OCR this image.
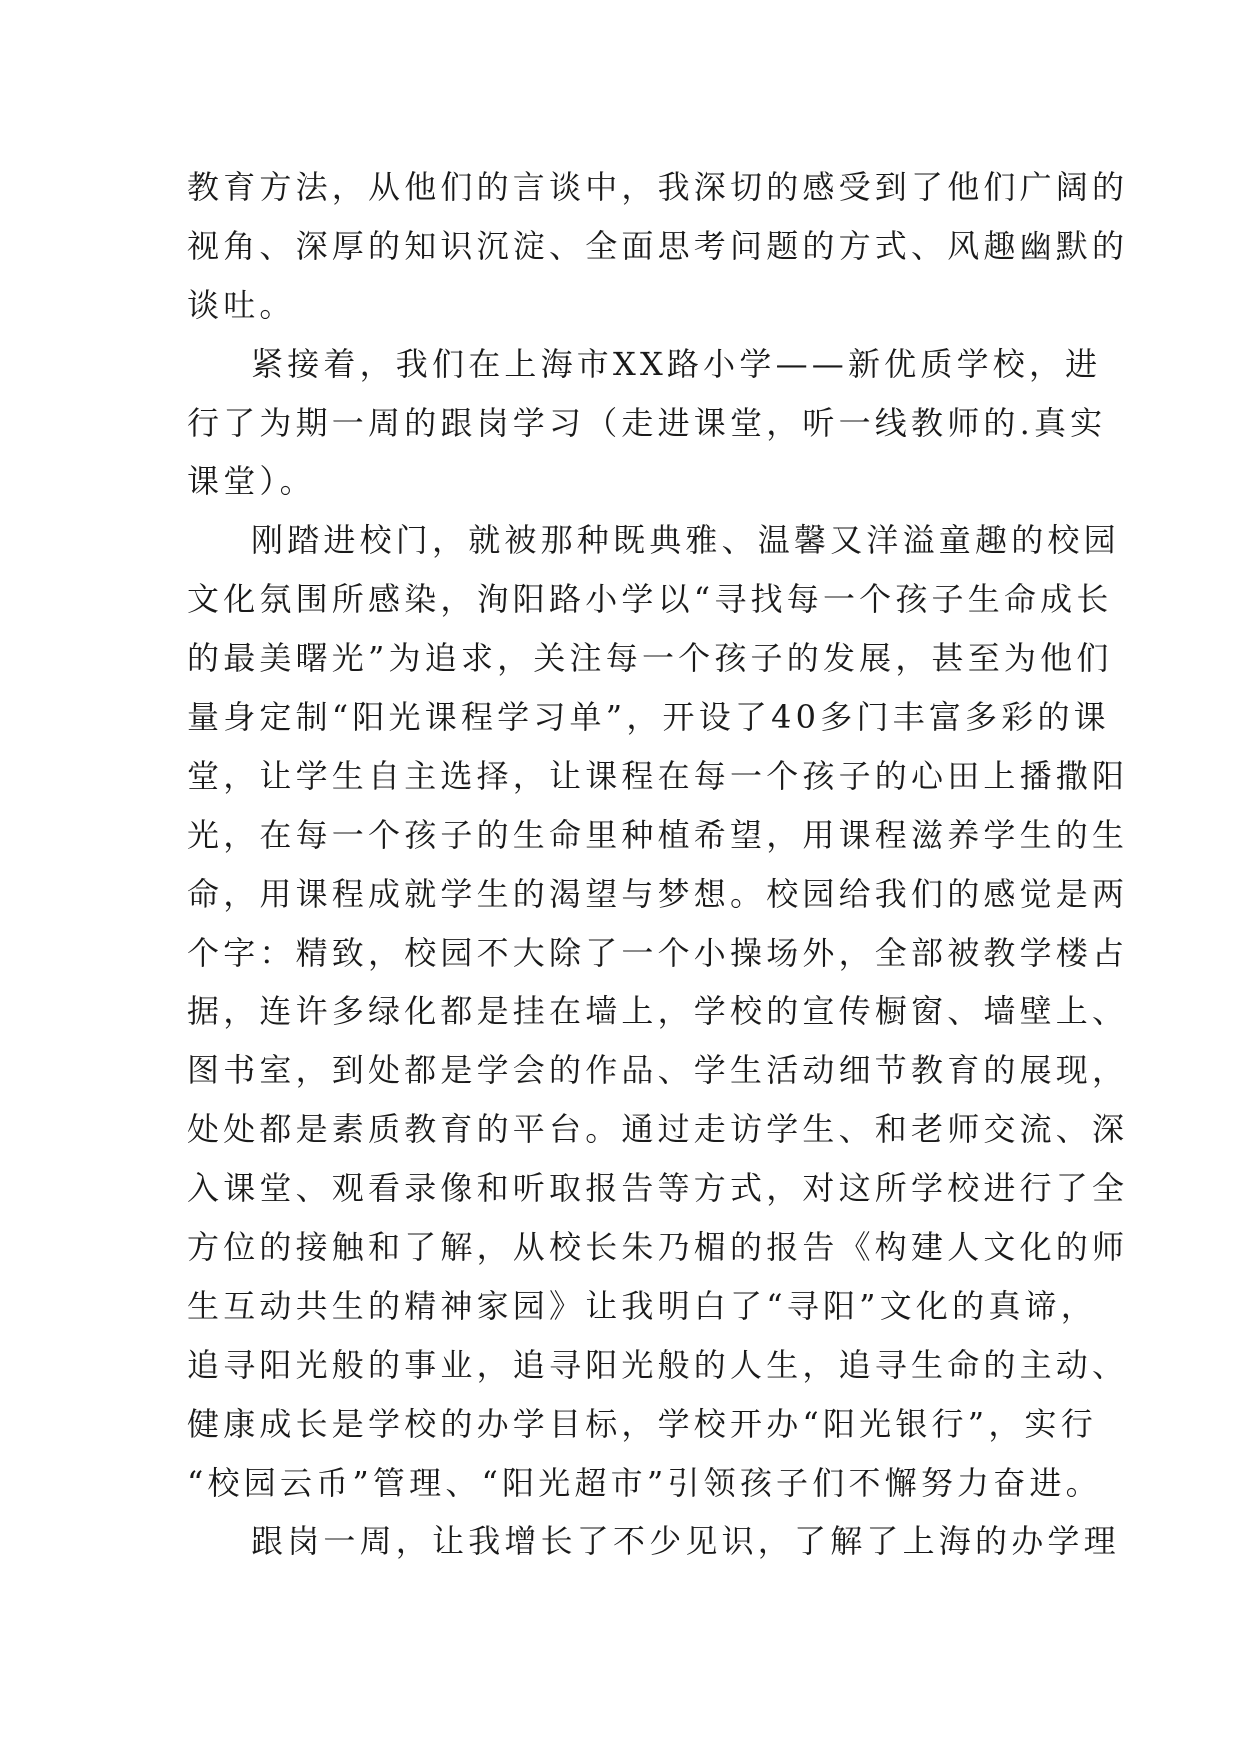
教育方法，从他们的言谈中，我深切的感受到了他们广阔的
视角、深厚的知识沉淀、全面思考问题的方式、风趣幽默的
谈吐。
紧接着，我们在上海市XX路小学——新优质学校，进
行了为期一周的跟岗学习（走进课堂，听一线教师的.真实
课堂）。
刚踏进校门，就被那种既典雅、温馨又洋溢童趣的校园
文化氛围所感染，洵阳路小学以“寻找每一个孩子生命成长
的最美曙光”为追求，关注每一个孩子的发展，甚至为他们
量身定制“阳光课程学习单”，开设了40多门丰富多彩的课
堂，让学生自主选择，让课程在每一个孩子的心田上播撒阳
光，在每一个孩子的生命里种植希望，用课程滋养学生的生
命，用课程成就学生的渴望与梦想。校园给我们的感觉是两
个字：精致，校园不大除了一个小操场外，全部被教学楼占
据，连许多绿化都是挂在墙上，学校的宣传橱窗、墙壁上、
图书室，到处都是学会的作品、学生活动细节教育的展现，
处处都是素质教育的平台。通过走访学生、和老师交流、深
入课堂、观看录像和听取报告等方式，对这所学校进行了全
方位的接触和了解，从校长朱乃楣的报告《构建人文化的师
生互动共生的精神家园》让我明白了“寻阳”文化的真谛，
追寻阳光般的事业，追寻阳光般的人生，追寻生命的主动、
健康成长是学校的办学目标，学校开办“阳光银行”，实行
“校园云币”管理、“阳光超市”引领孩子们不懈努力奋进。
跟岗一周，让我增长了不少见识，了解了上海的办学理
